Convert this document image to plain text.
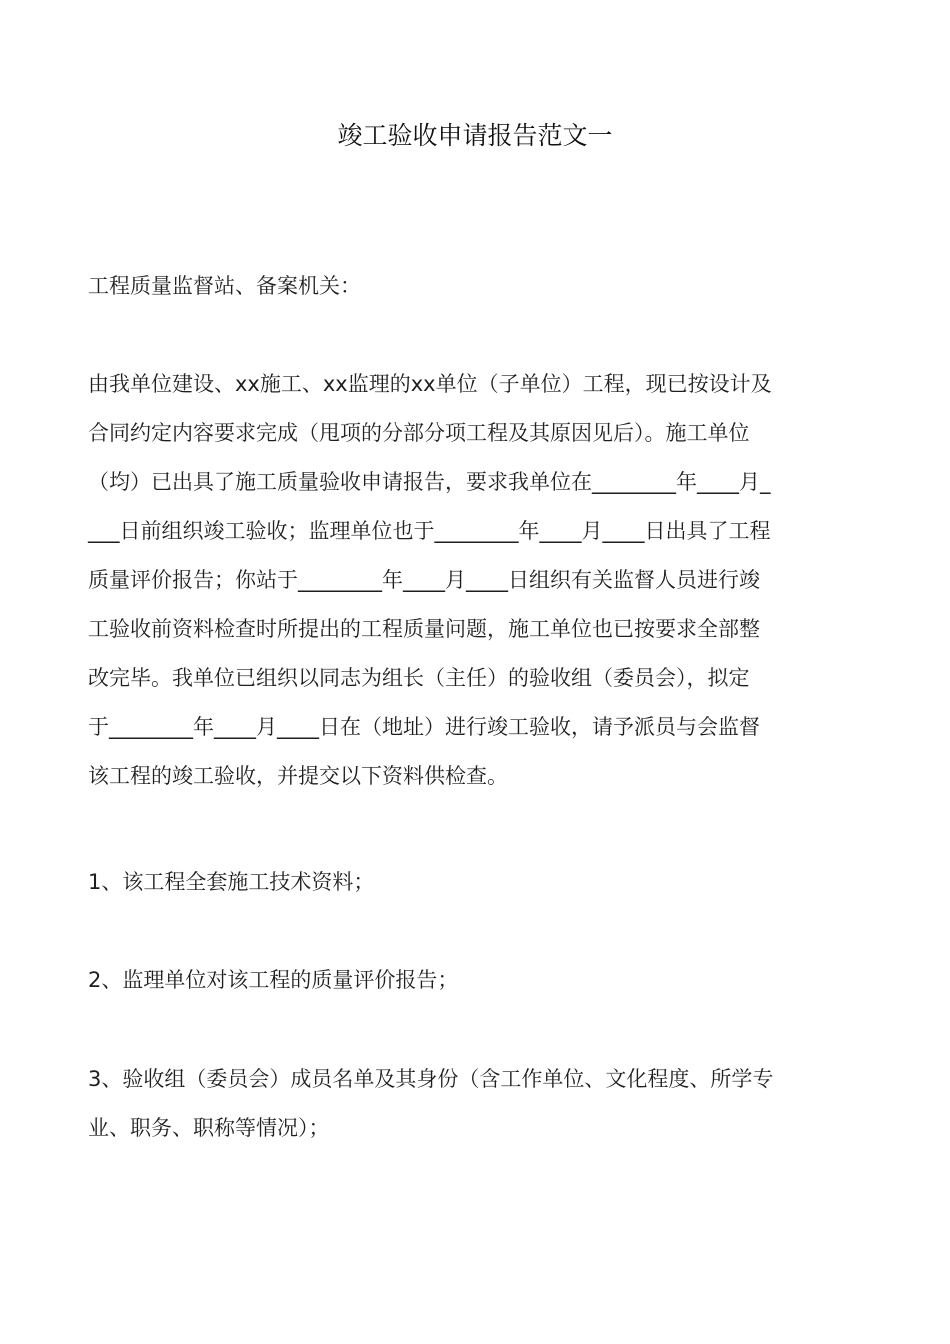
竣工验收申请报告范文一
工程质量监督站、备案机关：
由我单位建设、xx施工、xx监理的xx单位（子单位）工程，现已按设计及
合同约定内容要求完成（甩项的分部分项工程及其原因见后）。施工单位
（均）已出具了施工质量验收申请报告，要求我单位在________年____月_
___日前组织竣工验收；监理单位也于________年____月____日出具了工程
质量评价报告；你站于________年____月____日组织有关监督人员进行竣
工验收前资料检查时所提出的工程质量问题，施工单位也已按要求全部整
改完毕。我单位已组织以同志为组长（主任）的验收组（委员会），拟定
于________年____月____日在（地址）进行竣工验收，请予派员与会监督
该工程的竣工验收，并提交以下资料供检查。
1、该工程全套施工技术资料；
2、监理单位对该工程的质量评价报告；
3、验收组（委员会）成员名单及其身份（含工作单位、文化程度、所学专
业、职务、职称等情况）；
